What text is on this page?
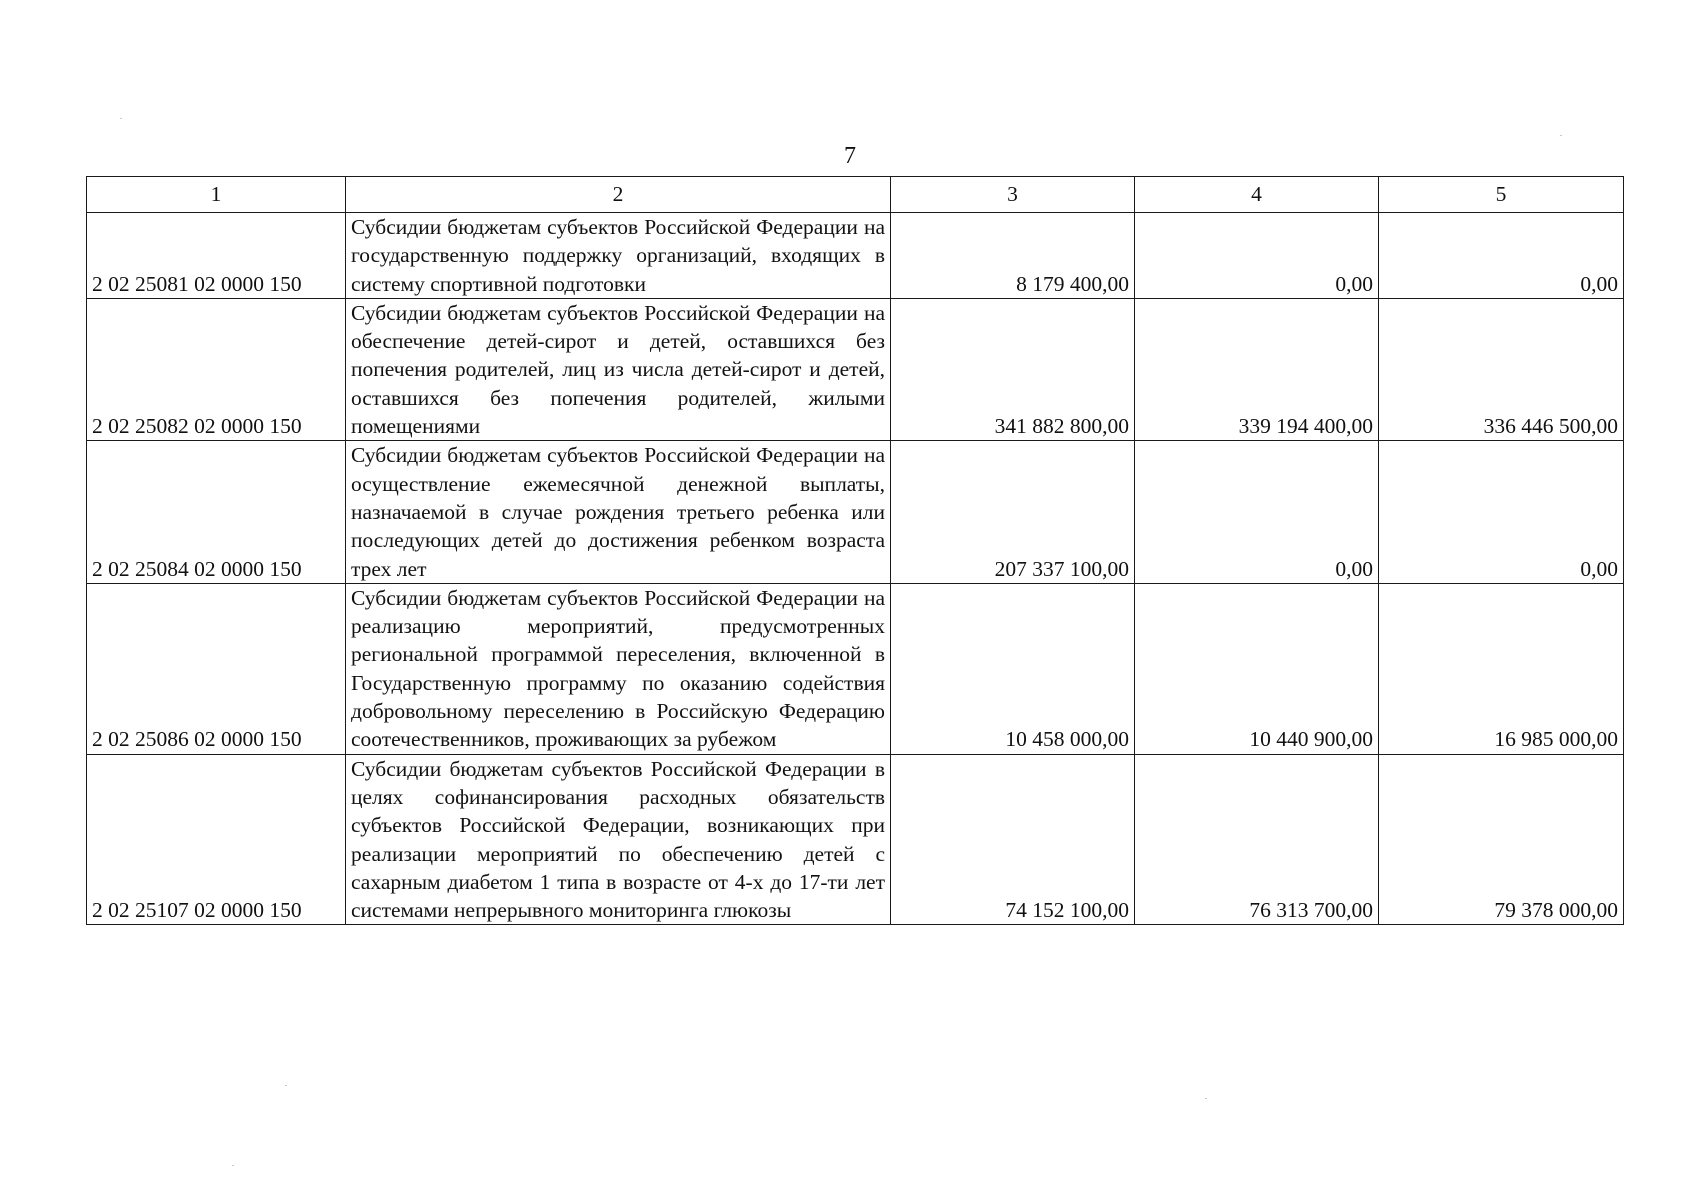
7
1	2	3	4	5
2 02 25081 02 0000 150	Субсидии бюджетам субъектов Российской Федерации на государственную поддержку организаций, входящих в систему спортивной подготовки	8 179 400,00	0,00	0,00
2 02 25082 02 0000 150	Субсидии бюджетам субъектов Российской Федерации на обеспечение детей-сирот и детей, оставшихся без попечения родителей, лиц из числа детей-сирот и детей, оставшихся без попечения родителей, жилыми помещениями	341 882 800,00	339 194 400,00	336 446 500,00
2 02 25084 02 0000 150	Субсидии бюджетам субъектов Российской Федерации на осуществление ежемесячной денежной выплаты, назначаемой в случае рождения третьего ребенка или последующих детей до достижения ребенком возраста трех лет	207 337 100,00	0,00	0,00
2 02 25086 02 0000 150	Субсидии бюджетам субъектов Российской Федерации на реализацию мероприятий, предусмотренных региональной программой переселения, включенной в Государственную программу по оказанию содействия добровольному переселению в Российскую Федерацию соотечественников, проживающих за рубежом	10 458 000,00	10 440 900,00	16 985 000,00
2 02 25107 02 0000 150	Субсидии бюджетам субъектов Российской Федерации в целях софинансирования расходных обязательств субъектов Российской Федерации, возникающих при реализации мероприятий по обеспечению детей с сахарным диабетом 1 типа в возрасте от 4-х до 17-ти лет системами непрерывного мониторинга глюкозы	74 152 100,00	76 313 700,00	79 378 000,00
